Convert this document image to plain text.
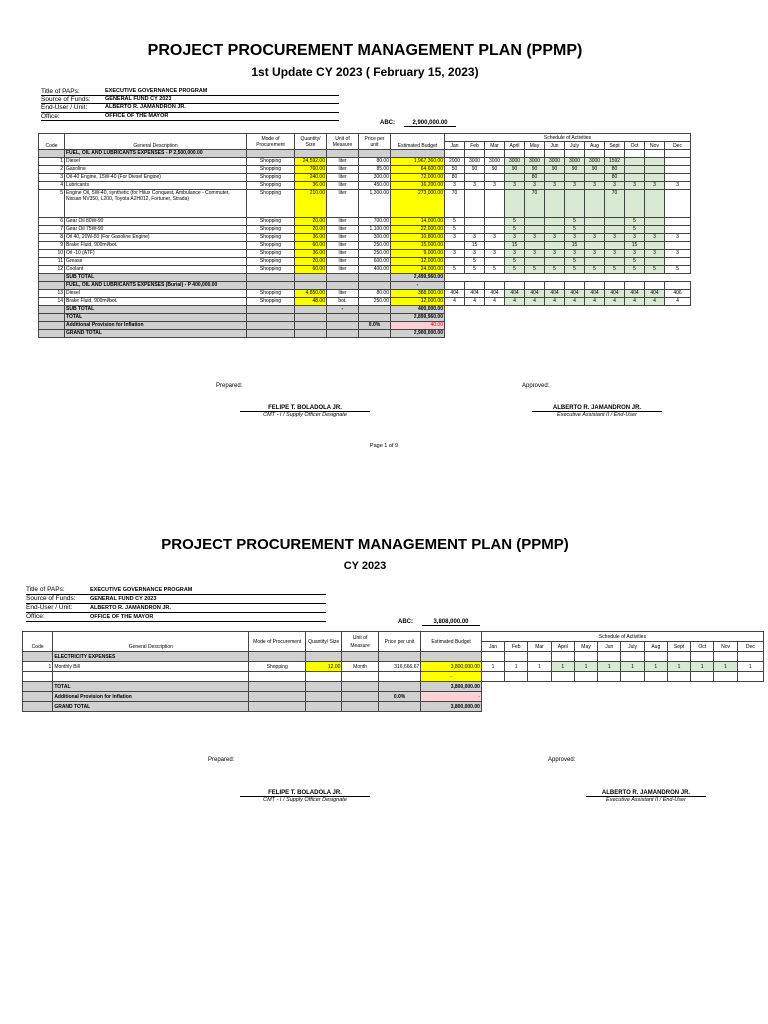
PROJECT PROCUREMENT MANAGEMENT PLAN (PPMP)
1st Update CY 2023 ( February 15, 2023)
Title of PAPs:	EXECUTIVE GOVERNANCE PROGRAM
Source of Funds:	GENERAL FUND CY 2023
End-User / Unit:	ALBERTO R. JAMANDRON JR.
Office:	OFFICE OF THE MAYOR
ABC:	2,900,000.00
Code	General Description	Mode of Procurement	Quantity/ Size	Unit of Measure	Price per unit	Estimated Budget	Schedule of Activities											
							Jan	Feb	Mar	April	May	Jun	July	Aug	Sept	Oct	Nov	Dec
	FUEL, OIL AND LUBRICANTS EXPENSES - P 2,500,000.00																	
1	Diesel	Shopping	24,592.00	liter	80.00	1,967,360.00	2000	3000	3000	3000	3000	3000	3000	3000	1592			
2	Gasoline	Shopping	760.00	liter	85.00	64,600.00	50	90	90	90	90	90	90	90	80			
3	Oil-40 Engine, 15W-40 (For Diesel Engine)	Shopping	240.00	liter	300.00	72,000.00	80				80				80			
4	Lubricants	Shopping	36.00	liter	450.00	16,200.00	3	3	3	3	3	3	3	3	3	3	3	3
5	Engine Oil, 5W-40, synthetic (for Hilux Conquest, Ambulance - Commuter, Nissan NV350, L200, Toyota A2H012, Fortuner, Strada)	Shopping	210.00	liter	1,300.00	273,000.00	70				70				70			
6	Gear Oil 80W-90	Shopping	20.00	liter	700.00	14,000.00	5			5			5			5		
7	Gear Oil 75W-90	Shopping	20.00	liter	1,100.00	22,000.00	5			5			5			5		
8	Oil 40, 20W-50 (For Gasoline Engine)	Shopping	36.00	liter	300.00	10,800.00	3	3	3	3	3	3	3	3	3	3	3	3
9	Brake Fluid, 900ml/bot.	Shopping	60.00	liter	250.00	15,000.00		15		15			15			15		
10	Oil -10 (ATF)	Shopping	36.00	liter	250.00	9,000.00	3	3	3	3	3	3	3	3	3	3	3	3
11	Grease	Shopping	20.00	liter	600.00	12,000.00		5		5			5			5		
12	Coolant	Shopping	60.00	liter	400.00	24,000.00	5	5	5	5	5	5	5	5	5	5	5	5
	SUB TOTAL					2,499,960.00												
	FUEL, OIL AND LUBRICANTS EXPENSES (Burial) - P 400,000.00					-												
13	Diesel	Shopping	4,850.00	liter	80.00	388,000.00	404	404	404	404	404	404	404	404	404	404	404	406
14	Brake Fluid, 900ml/bot.	Shopping	48.00	bot.	250.00	12,000.00	4	4	4	4	4	4	4	4	4	4	4	4
	SUB TOTAL			-		400,000.00												
	TOTAL					2,899,960.00												
	Additional Provision for Inflation				0.0%	40.00												
	GRAND TOTAL					2,900,000.00												
Prepared:	Approved:
FELIPE T. BOLADOLA JR.
CMT - I / Supply Officer Designate
ALBERTO R. JAMANDRON JR.
Executive Assistant II / End-User
Page 1 of 9
PROJECT PROCUREMENT MANAGEMENT PLAN (PPMP)
CY 2023
Title of PAPs:	EXECUTIVE GOVERNANCE PROGRAM
Source of Funds:	GENERAL FUND CY 2023
End-User / Unit:	ALBERTO R. JAMANDRON JR.
Office:	OFFICE OF THE MAYOR
ABC:	3,808,000.00
Code	General Description	Mode of Procurement	Quantity/ Size	Unit of Measure	Price per unit	Estimated Budget	Schedule of Activities											
							Jan	Feb	Mar	April	May	Jun	July	Aug	Sept	Oct	Nov	Dec
	ELECTRICITY EXPENSES																	
1	Monthly Bill	Shopping	12.00	Month	316,666.67	3,800,000.00	1	1	1	1	1	1	1	1	1	1	1	1
						-												
	TOTAL					3,800,000.00												
	Additional Provision for Inflation				0.0%	-												
	GRAND TOTAL					3,800,000.00												
Prepared:	Approved:
FELIPE T. BOLADOLA JR.
CMT - I / Supply Officer Designate
ALBERTO R. JAMANDRON JR.
Executive Assistant II / End-User
